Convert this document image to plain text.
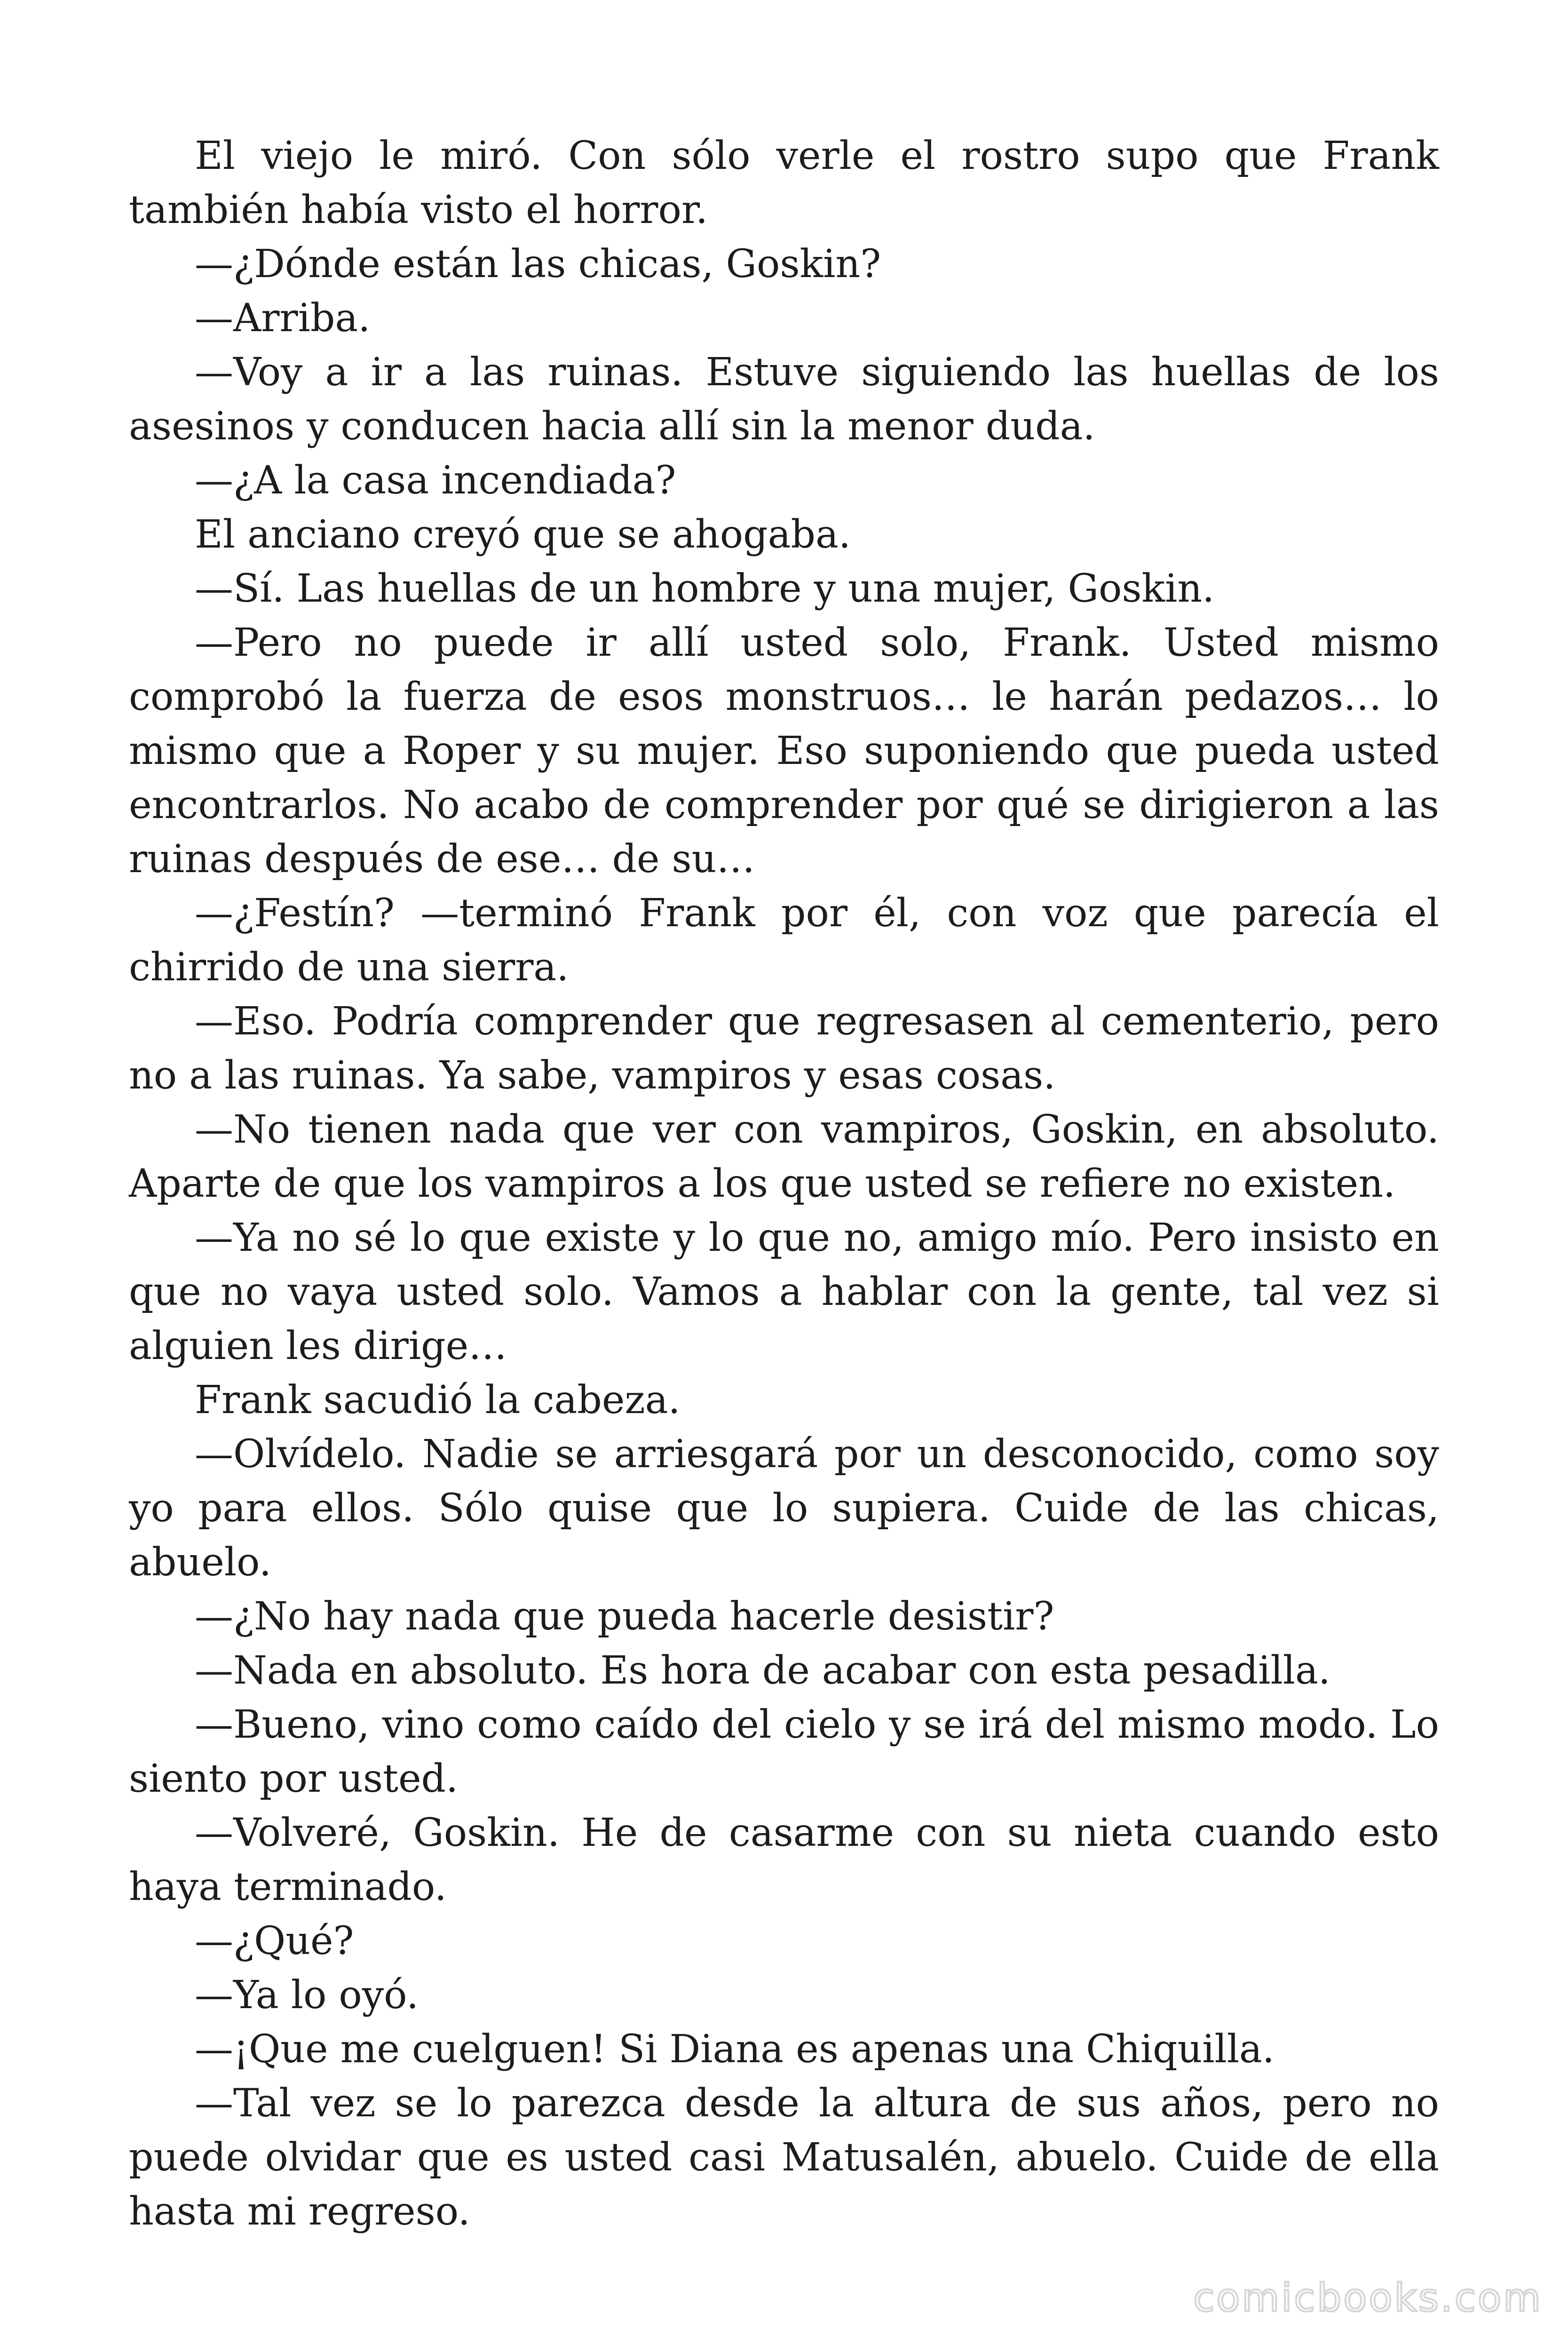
El viejo le miró. Con sólo verle el rostro supo que Frank también había visto el horror.

—¿Dónde están las chicas, Goskin?

—Arriba.

—Voy a ir a las ruinas. Estuve siguiendo las huellas de los asesinos y conducen hacia allí sin la menor duda.

—¿A la casa incendiada?

El anciano creyó que se ahogaba.

—Sí. Las huellas de un hombre y una mujer, Goskin.

—Pero no puede ir allí usted solo, Frank. Usted mismo comprobó la fuerza de esos monstruos… le harán pedazos… lo mismo que a Roper y su mujer. Eso suponiendo que pueda usted encontrarlos. No acabo de comprender por qué se dirigieron a las ruinas después de ese… de su…

—¿Festín? —terminó Frank por él, con voz que parecía el chirrido de una sierra.

—Eso. Podría comprender que regresasen al cementerio, pero no a las ruinas. Ya sabe, vampiros y esas cosas.

—No tienen nada que ver con vampiros, Goskin, en absoluto. Aparte de que los vampiros a los que usted se refiere no existen.

—Ya no sé lo que existe y lo que no, amigo mío. Pero insisto en que no vaya usted solo. Vamos a hablar con la gente, tal vez si alguien les dirige…

Frank sacudió la cabeza.

—Olvídelo. Nadie se arriesgará por un desconocido, como soy yo para ellos. Sólo quise que lo supiera. Cuide de las chicas, abuelo.

—¿No hay nada que pueda hacerle desistir?

—Nada en absoluto. Es hora de acabar con esta pesadilla.

—Bueno, vino como caído del cielo y se irá del mismo modo. Lo siento por usted.

—Volveré, Goskin. He de casarme con su nieta cuando esto haya terminado.

—¿Qué?

—Ya lo oyó.

—¡Que me cuelguen! Si Diana es apenas una Chiquilla.

—Tal vez se lo parezca desde la altura de sus años, pero no puede olvidar que es usted casi Matusalén, abuelo. Cuide de ella hasta mi regreso.

comicbooks.com
